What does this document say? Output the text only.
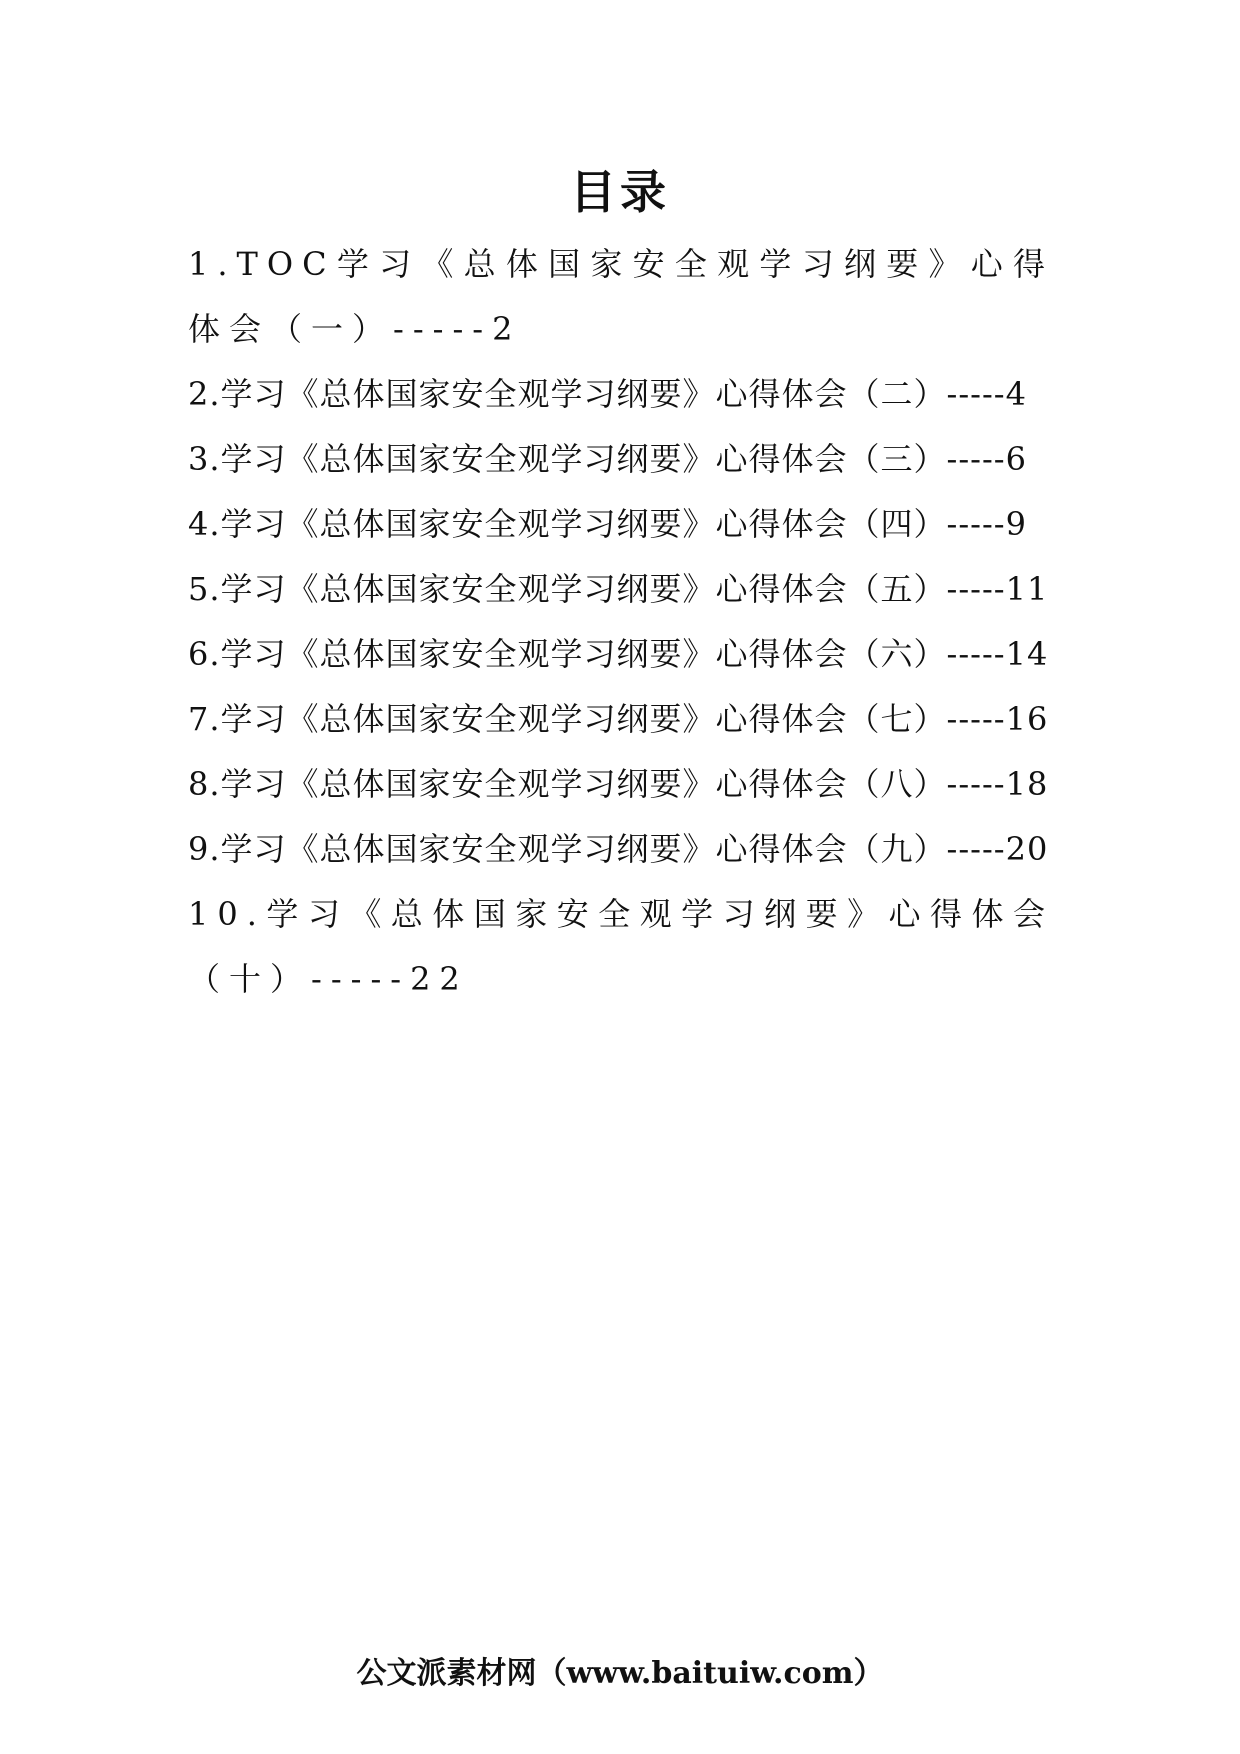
目录
1.TOC学习《总体国家安全观学习纲要》心得体会（一）-----2
2.学习《总体国家安全观学习纲要》心得体会（二）-----4
3.学习《总体国家安全观学习纲要》心得体会（三）-----6
4.学习《总体国家安全观学习纲要》心得体会（四）-----9
5.学习《总体国家安全观学习纲要》心得体会（五）-----11
6.学习《总体国家安全观学习纲要》心得体会（六）-----14
7.学习《总体国家安全观学习纲要》心得体会（七）-----16
8.学习《总体国家安全观学习纲要》心得体会（八）-----18
9.学习《总体国家安全观学习纲要》心得体会（九）-----20
10.学习《总体国家安全观学习纲要》心得体会（十）-----22
公文派素材网（www.baituiw.com）
